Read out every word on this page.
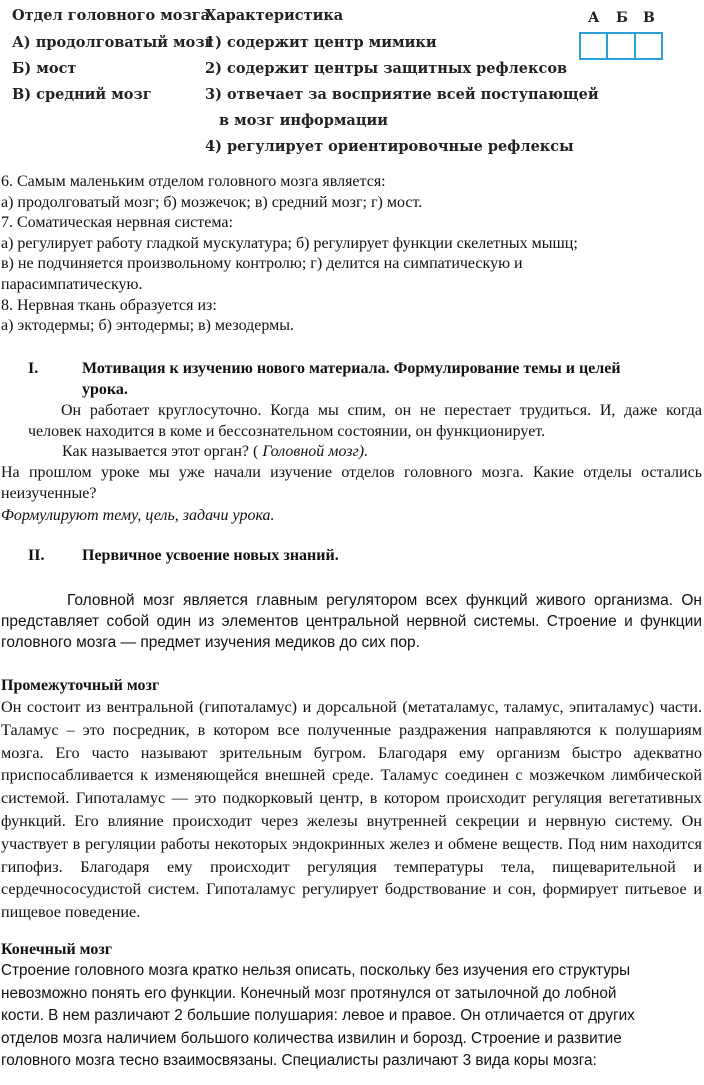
Отдел головного мозга
Характеристика
А) продолговатый мозг
Б) мост
В) средний мозг
1) содержит центр мимики
2) содержит центры защитных рефлексов
3) отвечает за восприятие всей поступающей
в мозг информации
4) регулирует ориентировочные рефлексы
А Б В
6. Самым маленьким отделом головного мозга является:
а) продолговатый мозг; б) мозжечок; в) средний мозг; г) мост.
7. Соматическая нервная система:
а) регулирует работу гладкой мускулатура; б) регулирует функции скелетных мышц;
в) не подчиняется произвольному контролю; г) делится на симпатическую и
парасимпатическую.
8. Нервная ткань образуется из:
а) эктодермы; б) энтодермы; в) мезодермы.
I.	Мотивация к изучению нового материала. Формулирование темы и целей
урока.
Он работает круглосуточно. Когда мы спим, он не перестает трудиться. И, даже когда человек находится в коме и бессознательном состоянии, он функционирует.
Как называется этот орган? ( Головной мозг).
На прошлом уроке мы уже начали изучение отделов головного мозга. Какие отделы остались неизученные?
Формулируют тему, цель, задачи урока.
II. Первичное усвоение новых знаний.
Головной мозг является главным регулятором всех функций живого организма. Он представляет собой один из элементов центральной нервной системы. Строение и функции головного мозга — предмет изучения медиков до сих пор.
Промежуточный мозг
Он состоит из вентральной (гипоталамус) и дорсальной (метаталамус, таламус, эпиталамус) части. Таламус – это посредник, в котором все полученные раздражения направляются к полушариям мозга. Его часто называют зрительным бугром. Благодаря ему организм быстро адекватно приспосабливается к изменяющейся внешней среде. Таламус соединен с мозжечком лимбической системой. Гипоталамус — это подкорковый центр, в котором происходит регуляция вегетативных функций. Его влияние происходит через железы внутренней секреции и нервную систему. Он участвует в регуляции работы некоторых эндокринных желез и обмене веществ. Под ним находится гипофиз. Благодаря ему происходит регуляция температуры тела, пищеварительной и сердечнососудистой систем. Гипоталамус регулирует бодрствование и сон, формирует питьевое и пищевое поведение.
Конечный мозг
Строение головного мозга кратко нельзя описать, поскольку без изучения его структуры
невозможно понять его функции. Конечный мозг протянулся от затылочной до лобной
кости. В нем различают 2 большие полушария: левое и правое. Он отличается от других
отделов мозга наличием большого количества извилин и борозд. Строение и развитие
головного мозга тесно взаимосвязаны. Специалисты различают 3 вида коры мозга:
